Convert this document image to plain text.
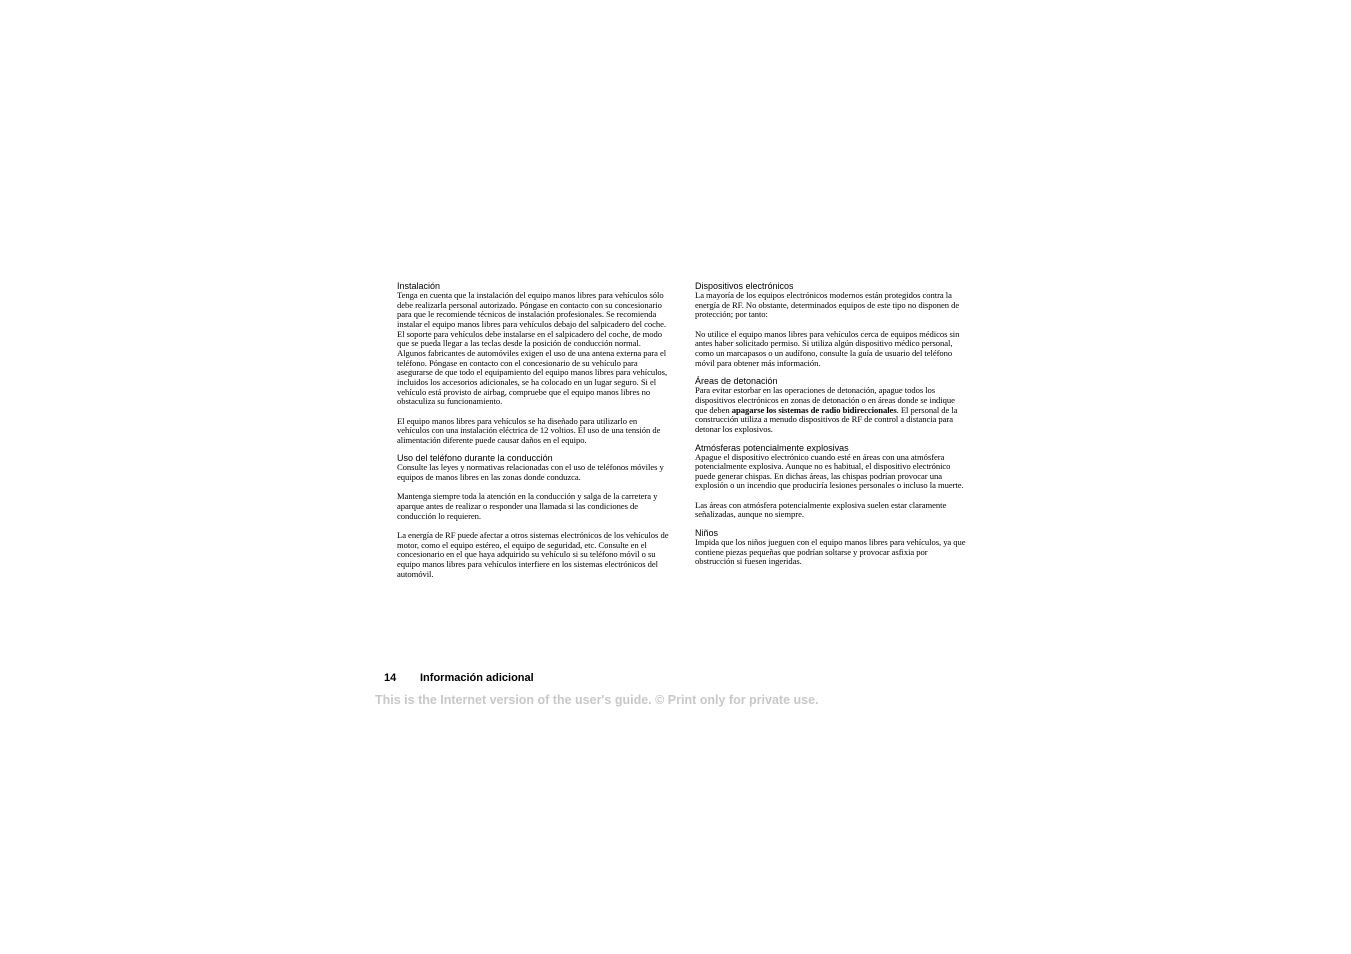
Instalación

Tenga en cuenta que la instalación del equipo manos libres para vehículos sólo debe realizarla personal autorizado. Póngase en contacto con su concesionario para que le recomiende técnicos de instalación profesionales. Se recomienda instalar el equipo manos libres para vehículos debajo del salpicadero del coche. El soporte para vehículos debe instalarse en el salpicadero del coche, de modo que se pueda llegar a las teclas desde la posición de conducción normal. Algunos fabricantes de automóviles exigen el uso de una antena externa para el teléfono. Póngase en contacto con el concesionario de su vehículo para asegurarse de que todo el equipamiento del equipo manos libres para vehículos, incluidos los accesorios adicionales, se ha colocado en un lugar seguro. Si el vehículo está provisto de airbag, compruebe que el equipo manos libres no obstaculiza su funcionamiento.

El equipo manos libres para vehículos se ha diseñado para utilizarlo en vehículos con una instalación eléctrica de 12 voltios. El uso de una tensión de alimentación diferente puede causar daños en el equipo.

Uso del teléfono durante la conducción

Consulte las leyes y normativas relacionadas con el uso de teléfonos móviles y equipos de manos libres en las zonas donde conduzca.

Mantenga siempre toda la atención en la conducción y salga de la carretera y aparque antes de realizar o responder una llamada si las condiciones de conducción lo requieren.

La energía de RF puede afectar a otros sistemas electrónicos de los vehículos de motor, como el equipo estéreo, el equipo de seguridad, etc. Consulte en el concesionario en el que haya adquirido su vehículo si su teléfono móvil o su equipo manos libres para vehículos interfiere en los sistemas electrónicos del automóvil.

Dispositivos electrónicos

La mayoría de los equipos electrónicos modernos están protegidos contra la energía de RF. No obstante, determinados equipos de este tipo no disponen de protección; por tanto:

No utilice el equipo manos libres para vehículos cerca de equipos médicos sin antes haber solicitado permiso. Si utiliza algún dispositivo médico personal, como un marcapasos o un audífono, consulte la guía de usuario del teléfono móvil para obtener más información.

Áreas de detonación

Para evitar estorbar en las operaciones de detonación, apague todos los dispositivos electrónicos en zonas de detonación o en áreas donde se indique que deben apagarse los sistemas de radio bidireccionales. El personal de la construcción utiliza a menudo dispositivos de RF de control a distancia para detonar los explosivos.

Atmósferas potencialmente explosivas

Apague el dispositivo electrónico cuando esté en áreas con una atmósfera potencialmente explosiva. Aunque no es habitual, el dispositivo electrónico puede generar chispas. En dichas áreas, las chispas podrían provocar una explosión o un incendio que produciría lesiones personales o incluso la muerte.

Las áreas con atmósfera potencialmente explosiva suelen estar claramente señalizadas, aunque no siempre.

Niños

Impida que los niños jueguen con el equipo manos libres para vehículos, ya que contiene piezas pequeñas que podrían soltarse y provocar asfixia por obstrucción si fuesen ingeridas.

14 Información adicional
This is the Internet version of the user's guide. © Print only for private use.
